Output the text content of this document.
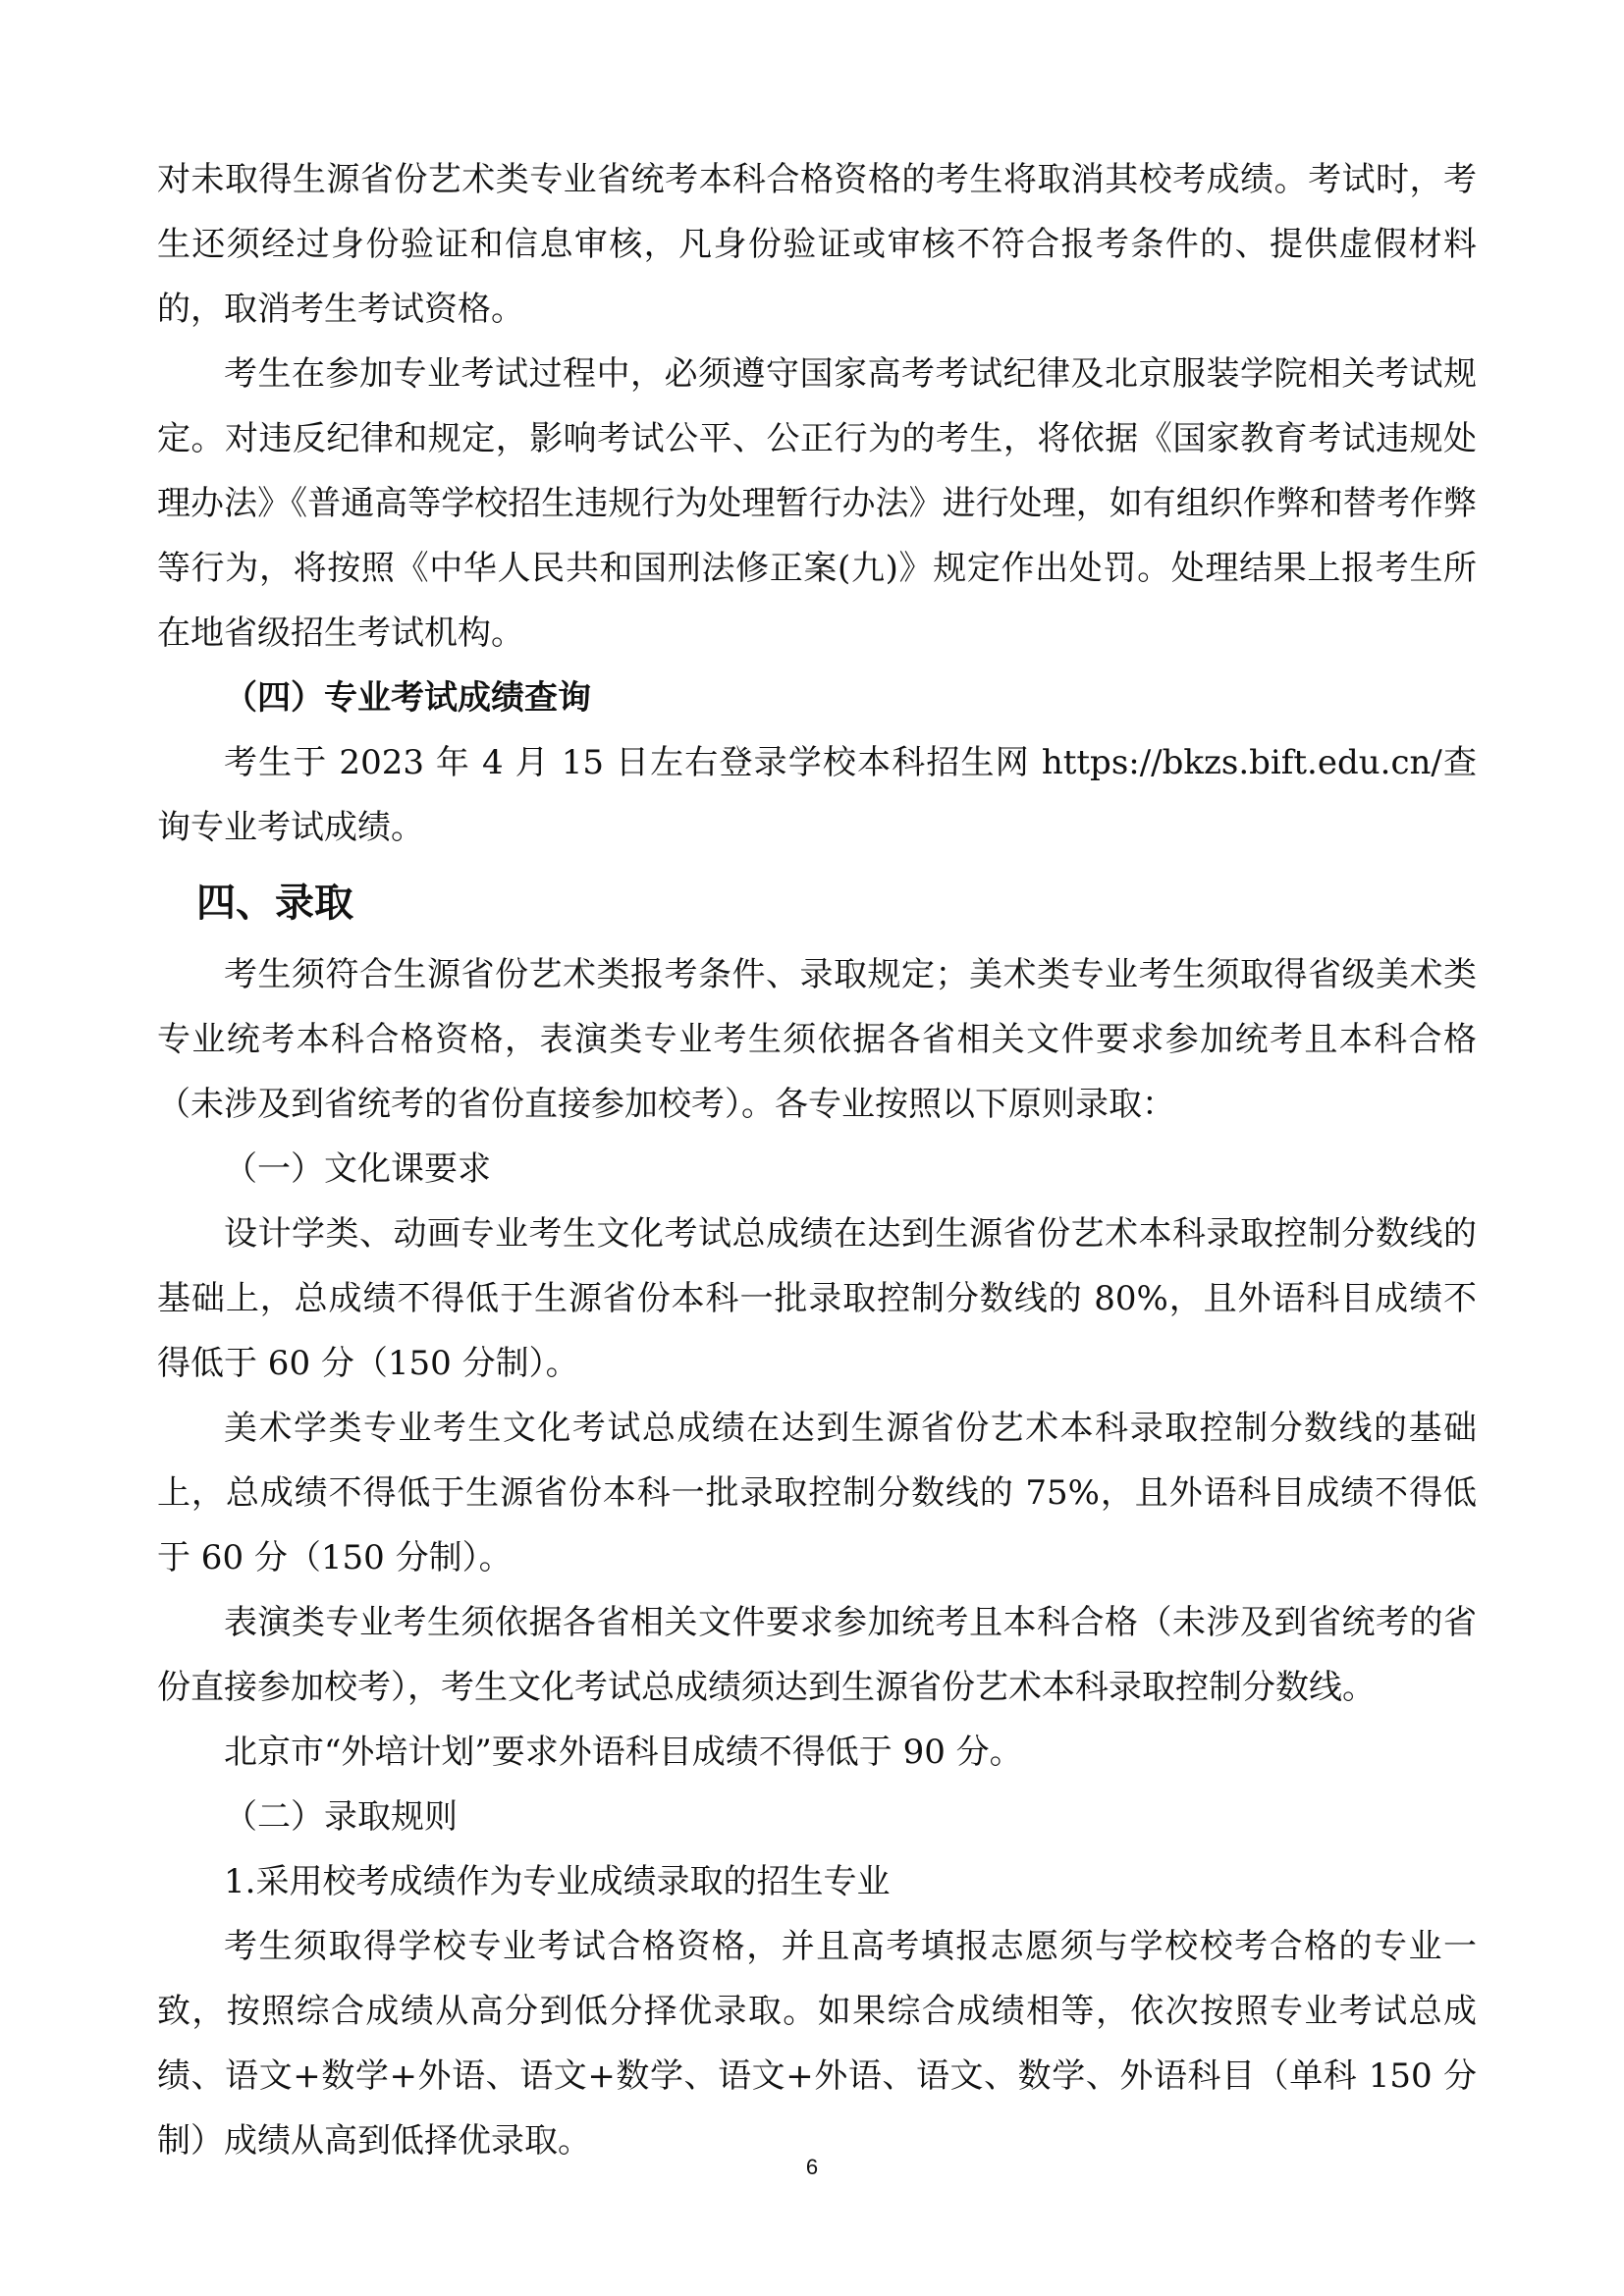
对未取得生源省份艺术类专业省统考本科合格资格的考生将取消其校考成绩。考试时，考生还须经过身份验证和信息审核，凡身份验证或审核不符合报考条件的、提供虚假材料的，取消考生考试资格。

考生在参加专业考试过程中，必须遵守国家高考考试纪律及北京服装学院相关考试规定。对违反纪律和规定，影响考试公平、公正行为的考生，将依据《国家教育考试违规处理办法》《普通高等学校招生违规行为处理暂行办法》进行处理，如有组织作弊和替考作弊等行为，将按照《中华人民共和国刑法修正案(九)》规定作出处罚。处理结果上报考生所在地省级招生考试机构。

（四）专业考试成绩查询

考生于 2023 年 4 月 15 日左右登录学校本科招生网 https://bkzs.bift.edu.cn/查询专业考试成绩。

四、录取

考生须符合生源省份艺术类报考条件、录取规定；美术类专业考生须取得省级美术类专业统考本科合格资格，表演类专业考生须依据各省相关文件要求参加统考且本科合格（未涉及到省统考的省份直接参加校考）。各专业按照以下原则录取：

（一）文化课要求

设计学类、动画专业考生文化考试总成绩在达到生源省份艺术本科录取控制分数线的基础上，总成绩不得低于生源省份本科一批录取控制分数线的 80%，且外语科目成绩不得低于 60 分（150 分制）。

美术学类专业考生文化考试总成绩在达到生源省份艺术本科录取控制分数线的基础上，总成绩不得低于生源省份本科一批录取控制分数线的 75%，且外语科目成绩不得低于 60 分（150 分制）。

表演类专业考生须依据各省相关文件要求参加统考且本科合格（未涉及到省统考的省份直接参加校考），考生文化考试总成绩须达到生源省份艺术本科录取控制分数线。

北京市“外培计划”要求外语科目成绩不得低于 90 分。

（二）录取规则

1.采用校考成绩作为专业成绩录取的招生专业

考生须取得学校专业考试合格资格，并且高考填报志愿须与学校校考合格的专业一致，按照综合成绩从高分到低分择优录取。如果综合成绩相等，依次按照专业考试总成绩、语文+数学+外语、语文+数学、语文+外语、语文、数学、外语科目（单科 150 分制）成绩从高到低择优录取。

6
